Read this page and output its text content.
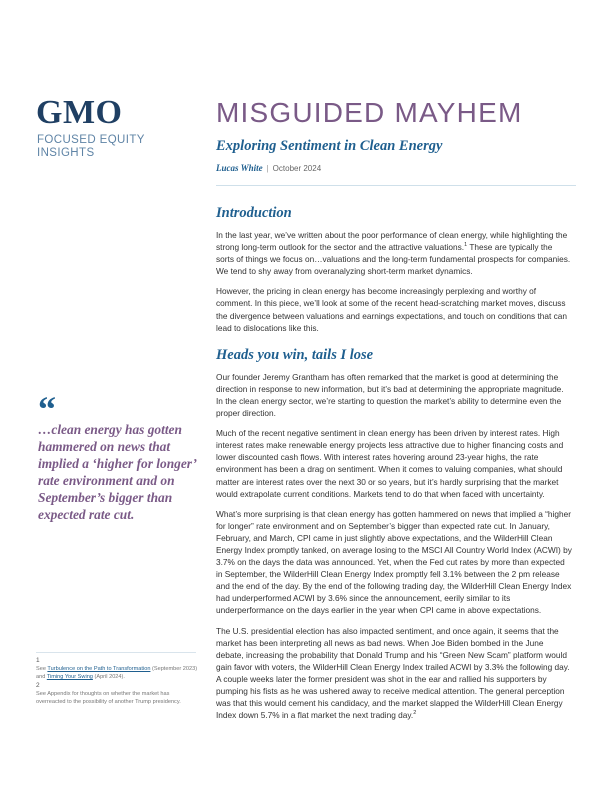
GMO
FOCUSED EQUITY
INSIGHTS
MISGUIDED MAYHEM
Exploring Sentiment in Clean Energy
Lucas White | October 2024
Introduction

In the last year, we’ve written about the poor performance of clean energy, while highlighting the strong long-term outlook for the sector and the attractive valuations.$^1$ These are typically the sorts of things we focus on…valuations and the long-term fundamental prospects for companies. We tend to shy away from overanalyzing short-term market dynamics.

However, the pricing in clean energy has become increasingly perplexing and worthy of comment. In this piece, we’ll look at some of the recent head-scratching market moves, discuss the divergence between valuations and earnings expectations, and touch on conditions that can lead to dislocations like this.

Heads you win, tails I lose

Our founder Jeremy Grantham has often remarked that the market is good at determining the direction in response to new information, but it’s bad at determining the appropriate magnitude. In the clean energy sector, we’re starting to question the market’s ability to determine even the proper direction.

Much of the recent negative sentiment in clean energy has been driven by interest rates. High interest rates make renewable energy projects less attractive due to higher financing costs and lower discounted cash flows. With interest rates hovering around 23-year highs, the rate environment has been a drag on sentiment. When it comes to valuing companies, what should matter are interest rates over the next 30 or so years, but it’s hardly surprising that the market would extrapolate current conditions. Markets tend to do that when faced with uncertainty.

What’s more surprising is that clean energy has gotten hammered on news that implied a “higher for longer” rate environment and on September’s bigger than expected rate cut. In January, February, and March, CPI came in just slightly above expectations, and the WilderHill Clean Energy Index promptly tanked, on average losing to the MSCI All Country World Index (ACWI) by 3.7% on the days the data was announced. Yet, when the Fed cut rates by more than expected in September, the WilderHill Clean Energy Index promptly fell 3.1% between the 2 pm release and the end of the day. By the end of the following trading day, the WilderHill Clean Energy Index had underperformed ACWI by 3.6% since the announcement, eerily similar to its underperformance on the days earlier in the year when CPI came in above expectations.

The U.S. presidential election has also impacted sentiment, and once again, it seems that the market has been interpreting all news as bad news. When Joe Biden bombed in the June debate, increasing the probability that Donald Trump and his “Green New Scam” platform would gain favor with voters, the WilderHill Clean Energy Index trailed ACWI by 3.3% the following day. A couple weeks later the former president was shot in the ear and rallied his supporters by pumping his fists as he was ushered away to receive medical attention. The general perception was that this would cement his candidacy, and the market slapped the WilderHill Clean Energy Index down 5.7% in a flat market the next trading day.$^2$

“
…clean energy has gotten hammered on news that implied a ‘higher for longer’ rate environment and on September’s bigger than expected rate cut.
1
See Turbulence on the Path to Transformation (September 2023) and Timing Your Swing (April 2024).
2
See Appendix for thoughts on whether the market has overreacted to the possibility of another Trump presidency.
